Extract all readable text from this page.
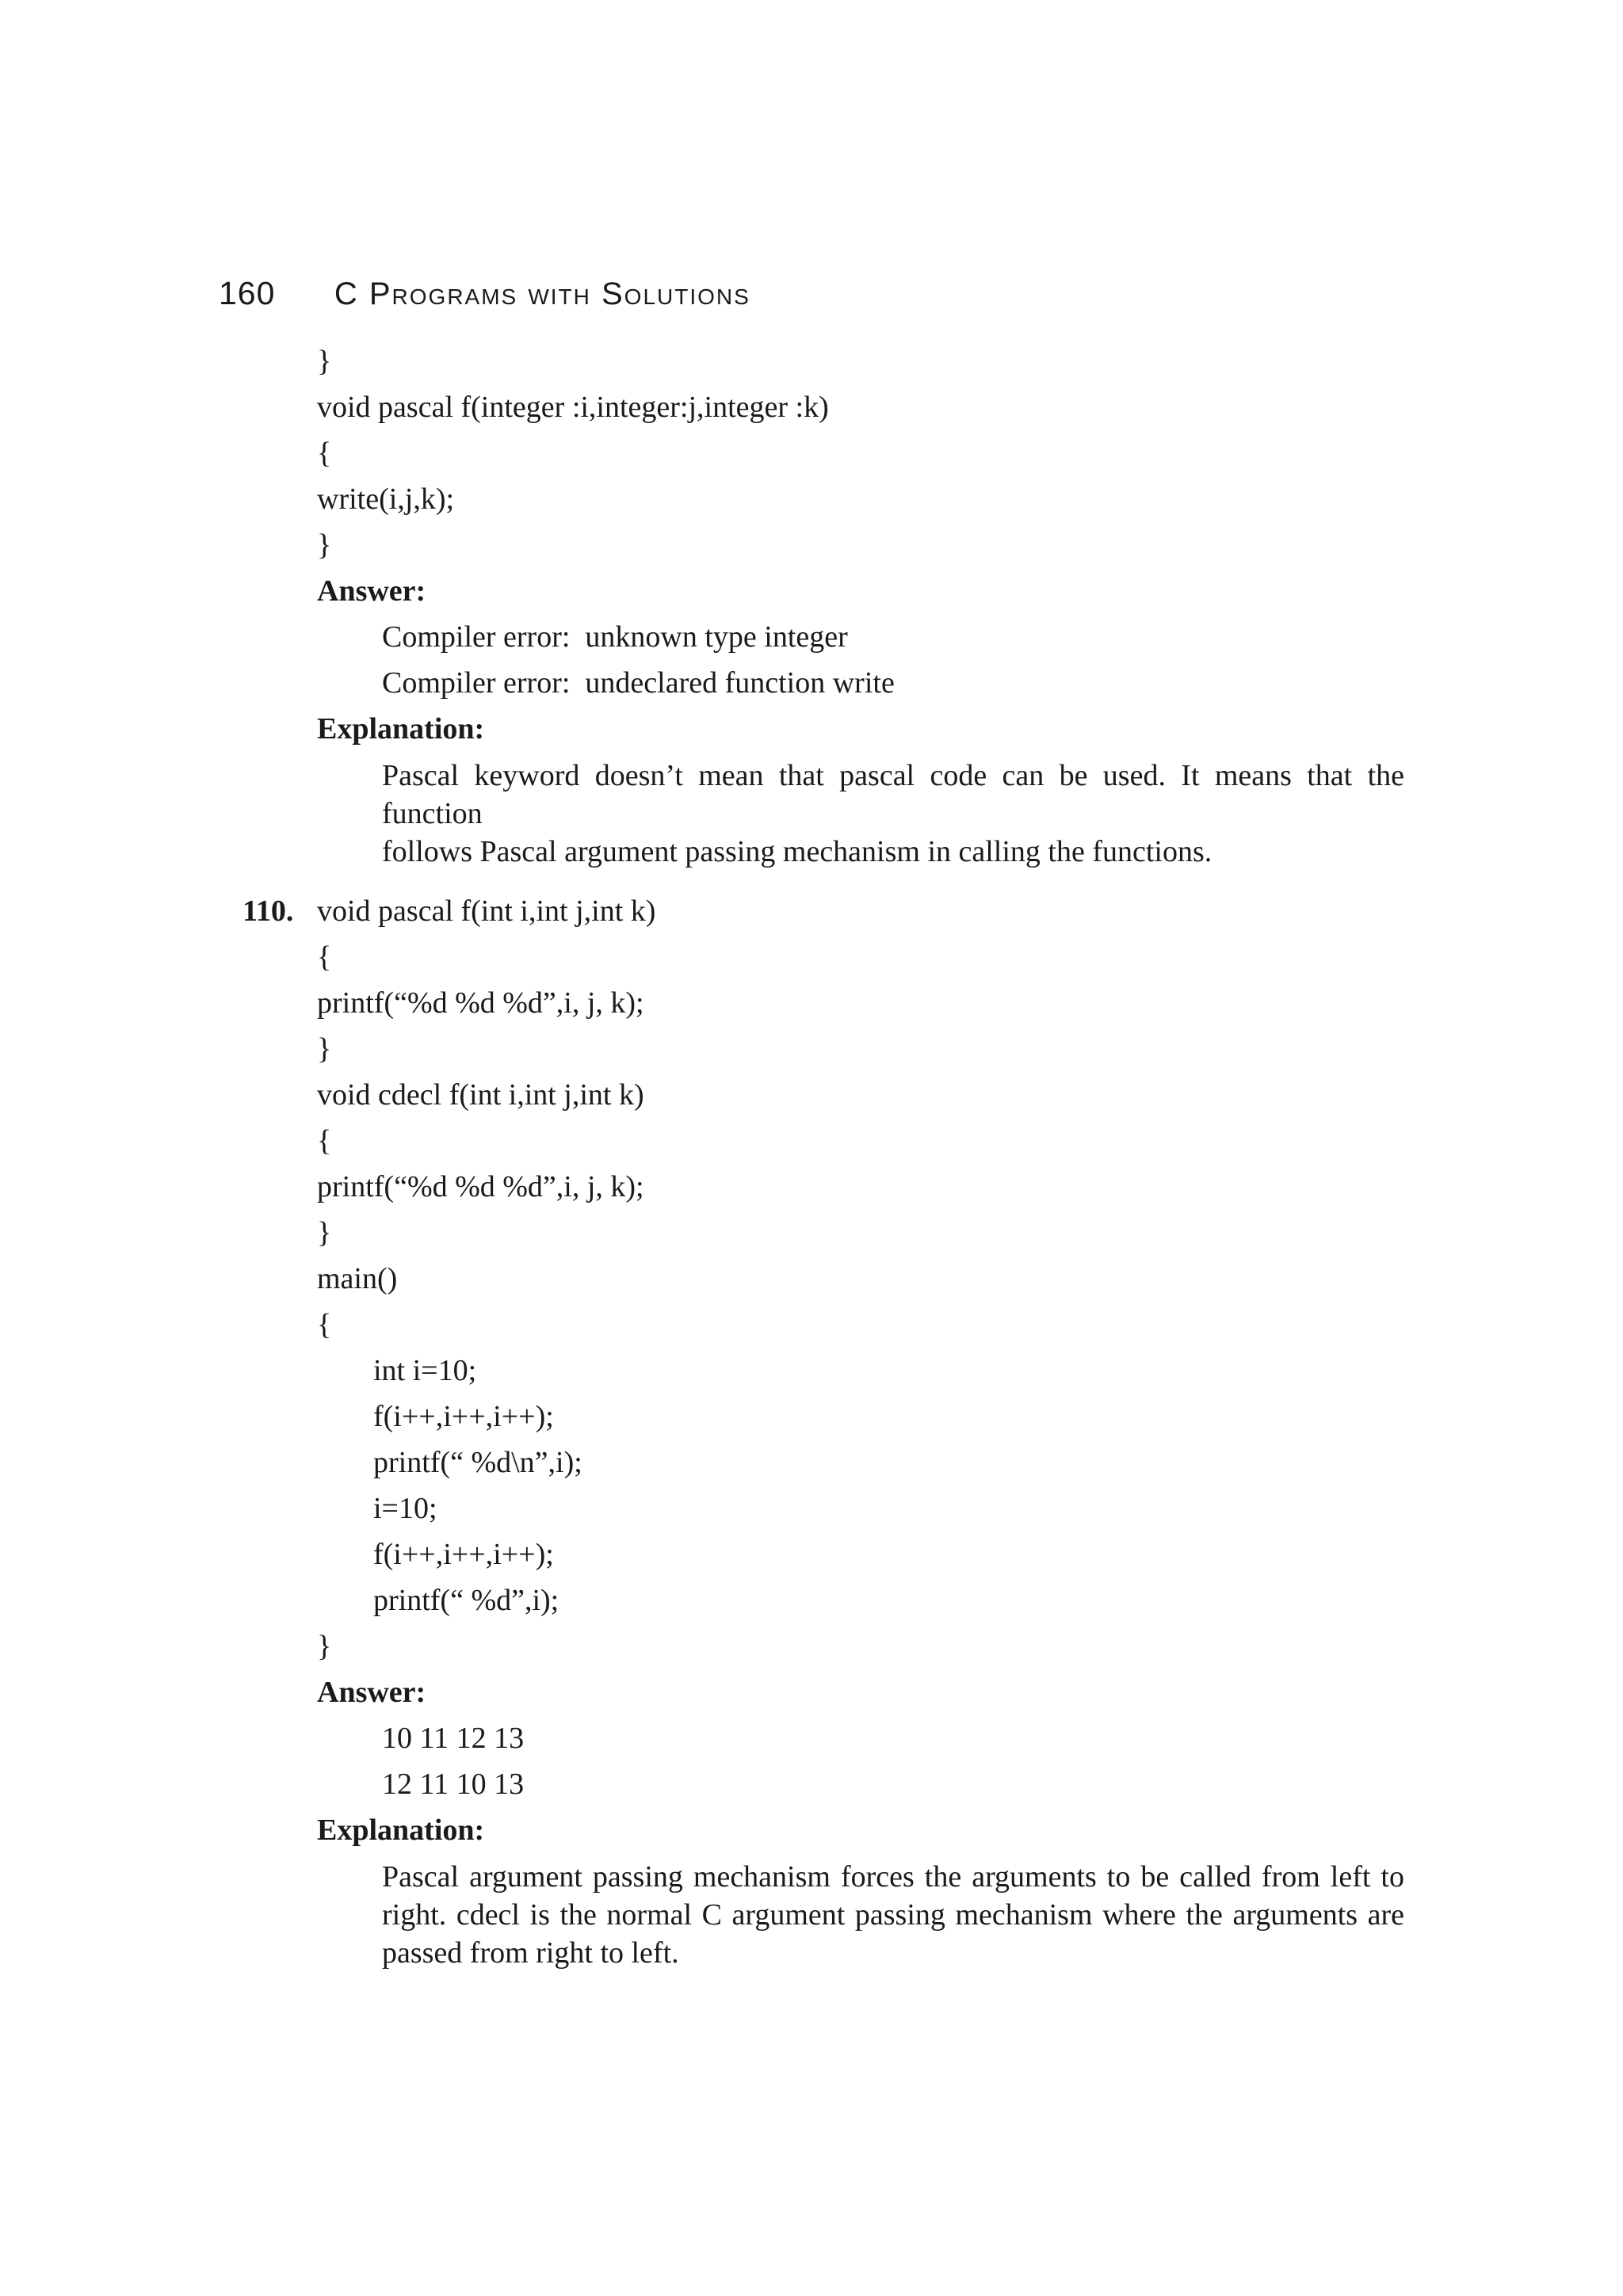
160 C Programs with Solutions
}
void pascal f(integer :i,integer:j,integer :k)
{
write(i,j,k);
}
Answer:
Compiler error:  unknown type integer
Compiler error:  undeclared function write
Explanation:
Pascal keyword doesn’t mean that pascal code can be used. It means that the function
follows Pascal argument passing mechanism in calling the functions.
110. void pascal f(int i,int j,int k)
{
printf(“%d %d %d”,i, j, k);
}
void cdecl f(int i,int j,int k)
{
printf(“%d %d %d”,i, j, k);
}
main()
{
int i=10;
f(i++,i++,i++);
printf(“ %d\n”,i);
i=10;
f(i++,i++,i++);
printf(“ %d”,i);
}
Answer:
10 11 12 13
12 11 10 13
Explanation:
Pascal argument passing mechanism forces the arguments to be called from left to
right. cdecl is the normal C argument passing mechanism where the arguments are
passed from right to left.
